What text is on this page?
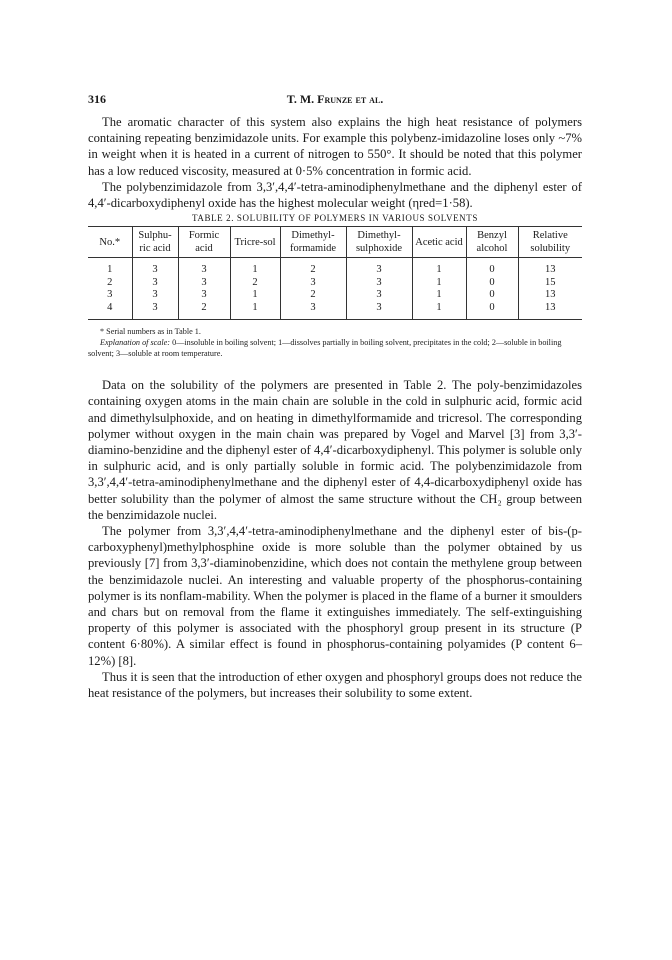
316	T. M. Frunze et al.

The aromatic character of this system also explains the high heat resistance of polymers containing repeating benzimidazole units. For example this polybenz-imidazoline loses only ~7% in weight when it is heated in a current of nitrogen to 550°. It should be noted that this polymer has a low reduced viscosity, measured at 0·5% concentration in formic acid.

The polybenzimidazole from 3,3′,4,4′-tetra-aminodiphenylmethane and the diphenyl ester of 4,4′-dicarboxydiphenyl oxide has the highest molecular weight (ηred=1·58).

TABLE 2. SOLUBILITY OF POLYMERS IN VARIOUS SOLVENTS
No.*	Sulphu-ric acid	Formic acid	Tricre-sol	Dimethyl-formamide	Dimethyl-sulphoxide	Acetic acid	Benzyl alcohol	Relative solubility
1	3	3	1	2	3	1	0	13
2	3	3	2	3	3	1	0	15
3	3	3	1	2	3	1	0	13
4	3	2	1	3	3	1	0	13
* Serial numbers as in Table 1.
Explanation of scale: 0—insoluble in boiling solvent; 1—dissolves partially in boiling solvent, precipitates in the cold; 2—soluble in boiling solvent; 3—soluble at room temperature.

Data on the solubility of the polymers are presented in Table 2. The poly-benzimidazoles containing oxygen atoms in the main chain are soluble in the cold in sulphuric acid, formic acid and dimethylsulphoxide, and on heating in dimethylformamide and tricresol. The corresponding polymer without oxygen in the main chain was prepared by Vogel and Marvel [3] from 3,3′-diamino-benzidine and the diphenyl ester of 4,4′-dicarboxydiphenyl. This polymer is soluble only in sulphuric acid, and is only partially soluble in formic acid. The polybenzimidazole from 3,3′,4,4′-tetra-aminodiphenylmethane and the diphenyl ester of 4,4-dicarboxydiphenyl oxide has better solubility than the polymer of almost the same structure without the CH₂ group between the benzimidazole nuclei.

The polymer from 3,3′,4,4′-tetra-aminodiphenylmethane and the diphenyl ester of bis-(p-carboxyphenyl)methylphosphine oxide is more soluble than the polymer obtained by us previously [7] from 3,3′-diaminobenzidine, which does not contain the methylene group between the benzimidazole nuclei. An interesting and valuable property of the phosphorus-containing polymer is its nonflam-mability. When the polymer is placed in the flame of a burner it smoulders and chars but on removal from the flame it extinguishes immediately. The self-extinguishing property of this polymer is associated with the phosphoryl group present in its structure (P content 6·80%). A similar effect is found in phosphorus-containing polyamides (P content 6–12%) [8].

Thus it is seen that the introduction of ether oxygen and phosphoryl groups does not reduce the heat resistance of the polymers, but increases their solubility to some extent.
